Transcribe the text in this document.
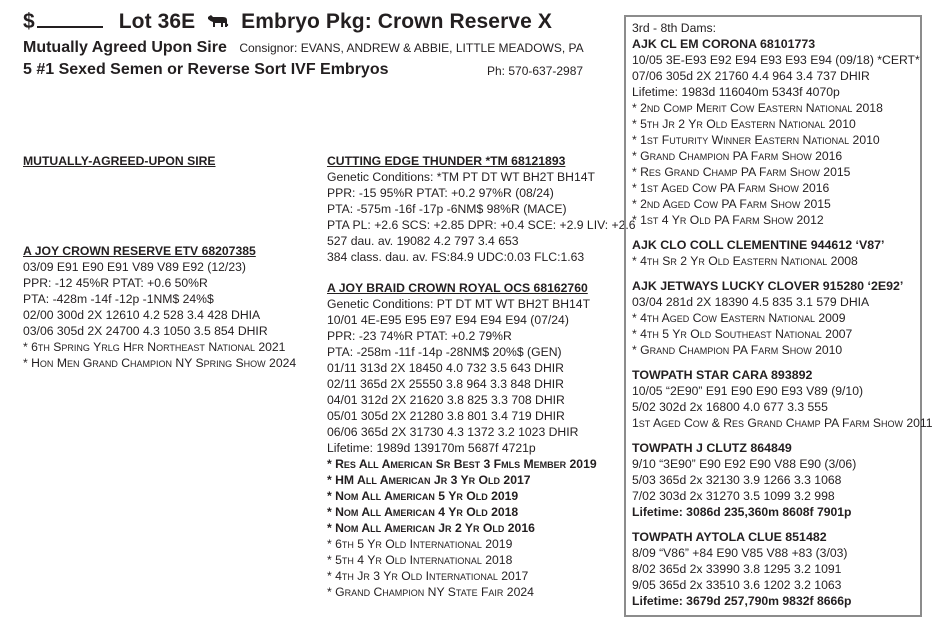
$	Lot 36E Embryo Pkg: Crown Reserve X
Mutually Agreed Upon Sire Consignor: EVANS, ANDREW & ABBIE, LITTLE MEADOWS, PA
5 #1 Sexed Semen or Reverse Sort IVF Embryos	Ph: 570-637-2987
MUTUALLY-AGREED-UPON SIRE
A JOY CROWN RESERVE ETV 68207385
03/09 E91 E90 E91 V89 V89 E92 (12/23)
PPR: -12 45%R PTAT: +0.6 50%R
PTA: -428m -14f -12p -1NM$ 24%$
02/00 300d 2X 12610 4.2 528 3.4 428 DHIA
03/06 305d 2X 24700 4.3 1050 3.5 854 DHIR
* 6th Spring Yrlg Hfr Northeast National 2021
* Hon Men Grand Champion NY Spring Show 2024
CUTTING EDGE THUNDER *TM 68121893
Genetic Conditions: *TM PT DT WT BH2T BH14T
PPR: -15 95%R PTAT: +0.2 97%R (08/24)
PTA: -575m -16f -17p -6NM$ 98%R (MACE)
PTA PL: +2.6 SCS: +2.85 DPR: +0.4 SCE: +2.9 LIV: +2.6
527 dau. av. 19082 4.2 797 3.4 653
384 class. dau. av. FS:84.9 UDC:0.03 FLC:1.63
A JOY BRAID CROWN ROYAL OCS 68162760
Genetic Conditions: PT DT MT WT BH2T BH14T
10/01 4E-E95 E95 E97 E94 E94 E94 (07/24)
PPR: -23 74%R PTAT: +0.2 79%R
PTA: -258m -11f -14p -28NM$ 20%$ (GEN)
01/11 313d 2X 18450 4.0 732 3.5 643 DHIR
02/11 365d 2X 25550 3.8 964 3.3 848 DHIR
04/01 312d 2X 21620 3.8 825 3.3 708 DHIR
05/01 305d 2X 21280 3.8 801 3.4 719 DHIR
06/06 365d 2X 31730 4.3 1372 3.2 1023 DHIR
Lifetime: 1989d 139170m 5687f 4721p
* Res All American Sr Best 3 Fmls Member 2019
* HM All American Jr 3 Yr Old 2017
* Nom All American 5 Yr Old 2019
* Nom All American 4 Yr Old 2018
* Nom All American Jr 2 Yr Old 2016
* 6th 5 Yr Old International 2019
* 5th 4 Yr Old International 2018
* 4th Jr 3 Yr Old International 2017
* Grand Champion NY State Fair 2024
3rd - 8th Dams:
AJK CL EM CORONA 68101773
10/05 3E-E93 E92 E94 E93 E93 E94 (09/18) *CERT*
07/06 305d 2X 21760 4.4 964 3.4 737 DHIR
Lifetime: 1983d 116040m 5343f 4070p
* 2nd Comp Merit Cow Eastern National 2018
* 5th Jr 2 Yr Old Eastern National 2010
* 1st Futurity Winner Eastern National 2010
* Grand Champion PA Farm Show 2016
* Res Grand Champ PA Farm Show 2015
* 1st Aged Cow PA Farm Show 2016
* 2nd Aged Cow PA Farm Show 2015
* 1st 4 Yr Old PA Farm Show 2012
AJK CLO COLL CLEMENTINE 944612 ‘V87’
* 4th Sr 2 Yr Old Eastern National 2008
AJK JETWAYS LUCKY CLOVER 915280 ‘2E92’
03/04 281d 2X 18390 4.5 835 3.1 579 DHIA
* 4th Aged Cow Eastern National 2009
* 4th 5 Yr Old Southeast National 2007
* Grand Champion PA Farm Show 2010
TOWPATH STAR CARA 893892
10/05 “2E90” E91 E90 E90 E93 V89 (9/10)
5/02 302d 2x 16800 4.0 677 3.3 555
1st Aged Cow & Res Grand Champ PA Farm Show 2011
TOWPATH J CLUTZ 864849
9/10 “3E90” E90 E92 E90 V88 E90 (3/06)
5/03 365d 2x 32130 3.9 1266 3.3 1068
7/02 303d 2x 31270 3.5 1099 3.2 998
Lifetime: 3086d 235,360m 8608f 7901p
TOWPATH AYTOLA CLUE 851482
8/09 “V86” +84 E90 V85 V88 +83 (3/03)
8/02 365d 2x 33990 3.8 1295 3.2 1091
9/05 365d 2x 33510 3.6 1202 3.2 1063
Lifetime: 3679d 257,790m 9832f 8666p
